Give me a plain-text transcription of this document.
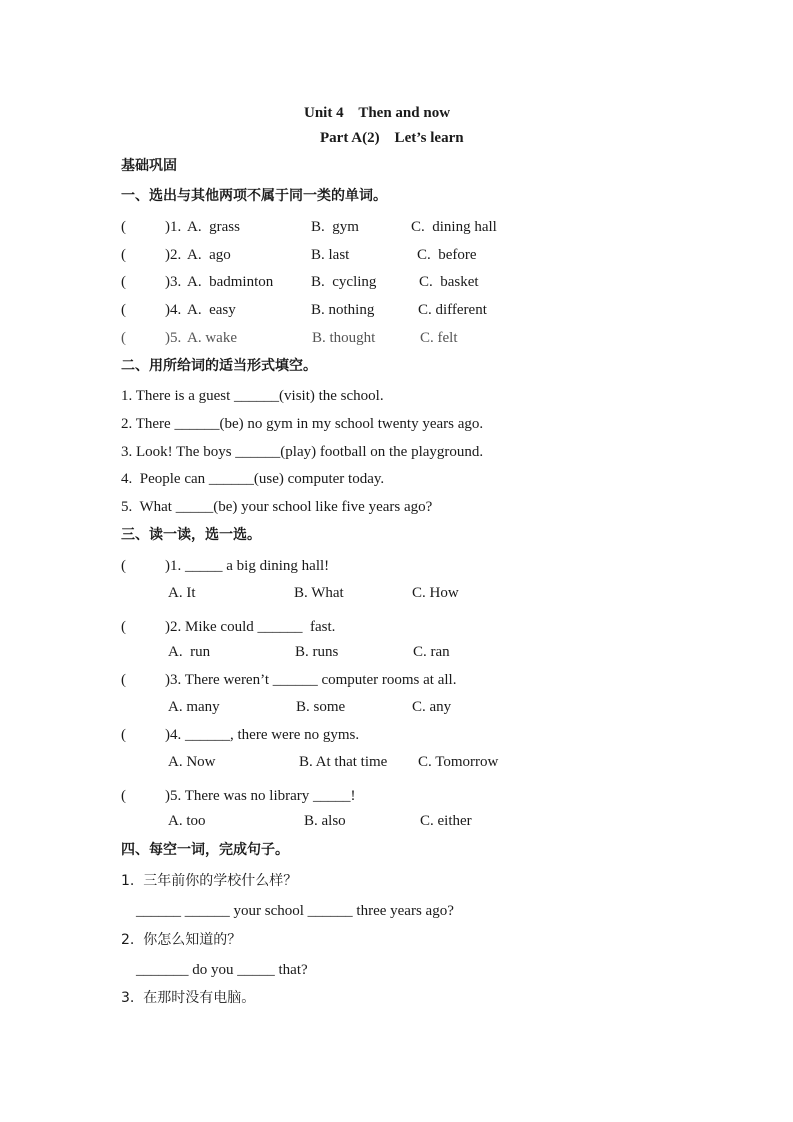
Unit 4    Then and now
Part A(2)    Let’s learn
基础巩固
一、选出与其他两项不属于同一类的单词。
(	)1. A.  grass	B.  gym	C.  dining hall
(	)2. A.  ago	B. last	C.  before
(	)3. A.  badminton	B.  cycling	C.  basket
(	)4. A.  easy	B. nothing	C. different
(	)5. A. wake	B. thought	C. felt
二、用所给词的适当形式填空。
1. There is a guest ______(visit) the school.
2. There ______(be) no gym in my school twenty years ago.
3. Look! The boys ______(play) football on the playground.
4.  People can ______(use) computer today.
5.  What _____(be) your school like five years ago?
三、读一读，选一选。
(	)1. _____ a big dining hall!
A. It	B. What	C. How
(	)2. Mike could ______  fast.
A.  run	B. runs	C. ran
(	)3. There weren’t ______ computer rooms at all.
A. many	B. some	C. any
(	)4. ______, there were no gyms.
A. Now	B. At that time C. Tomorrow
(	)5. There was no library _____!
A. too	B. also	C. either
四、每空一词，完成句子。
1.  三年前你的学校什么样？
______ ______ your school ______ three years ago?
2.  你怎么知道的？
_______ do you _____ that?
3.  在那时没有电脑。
